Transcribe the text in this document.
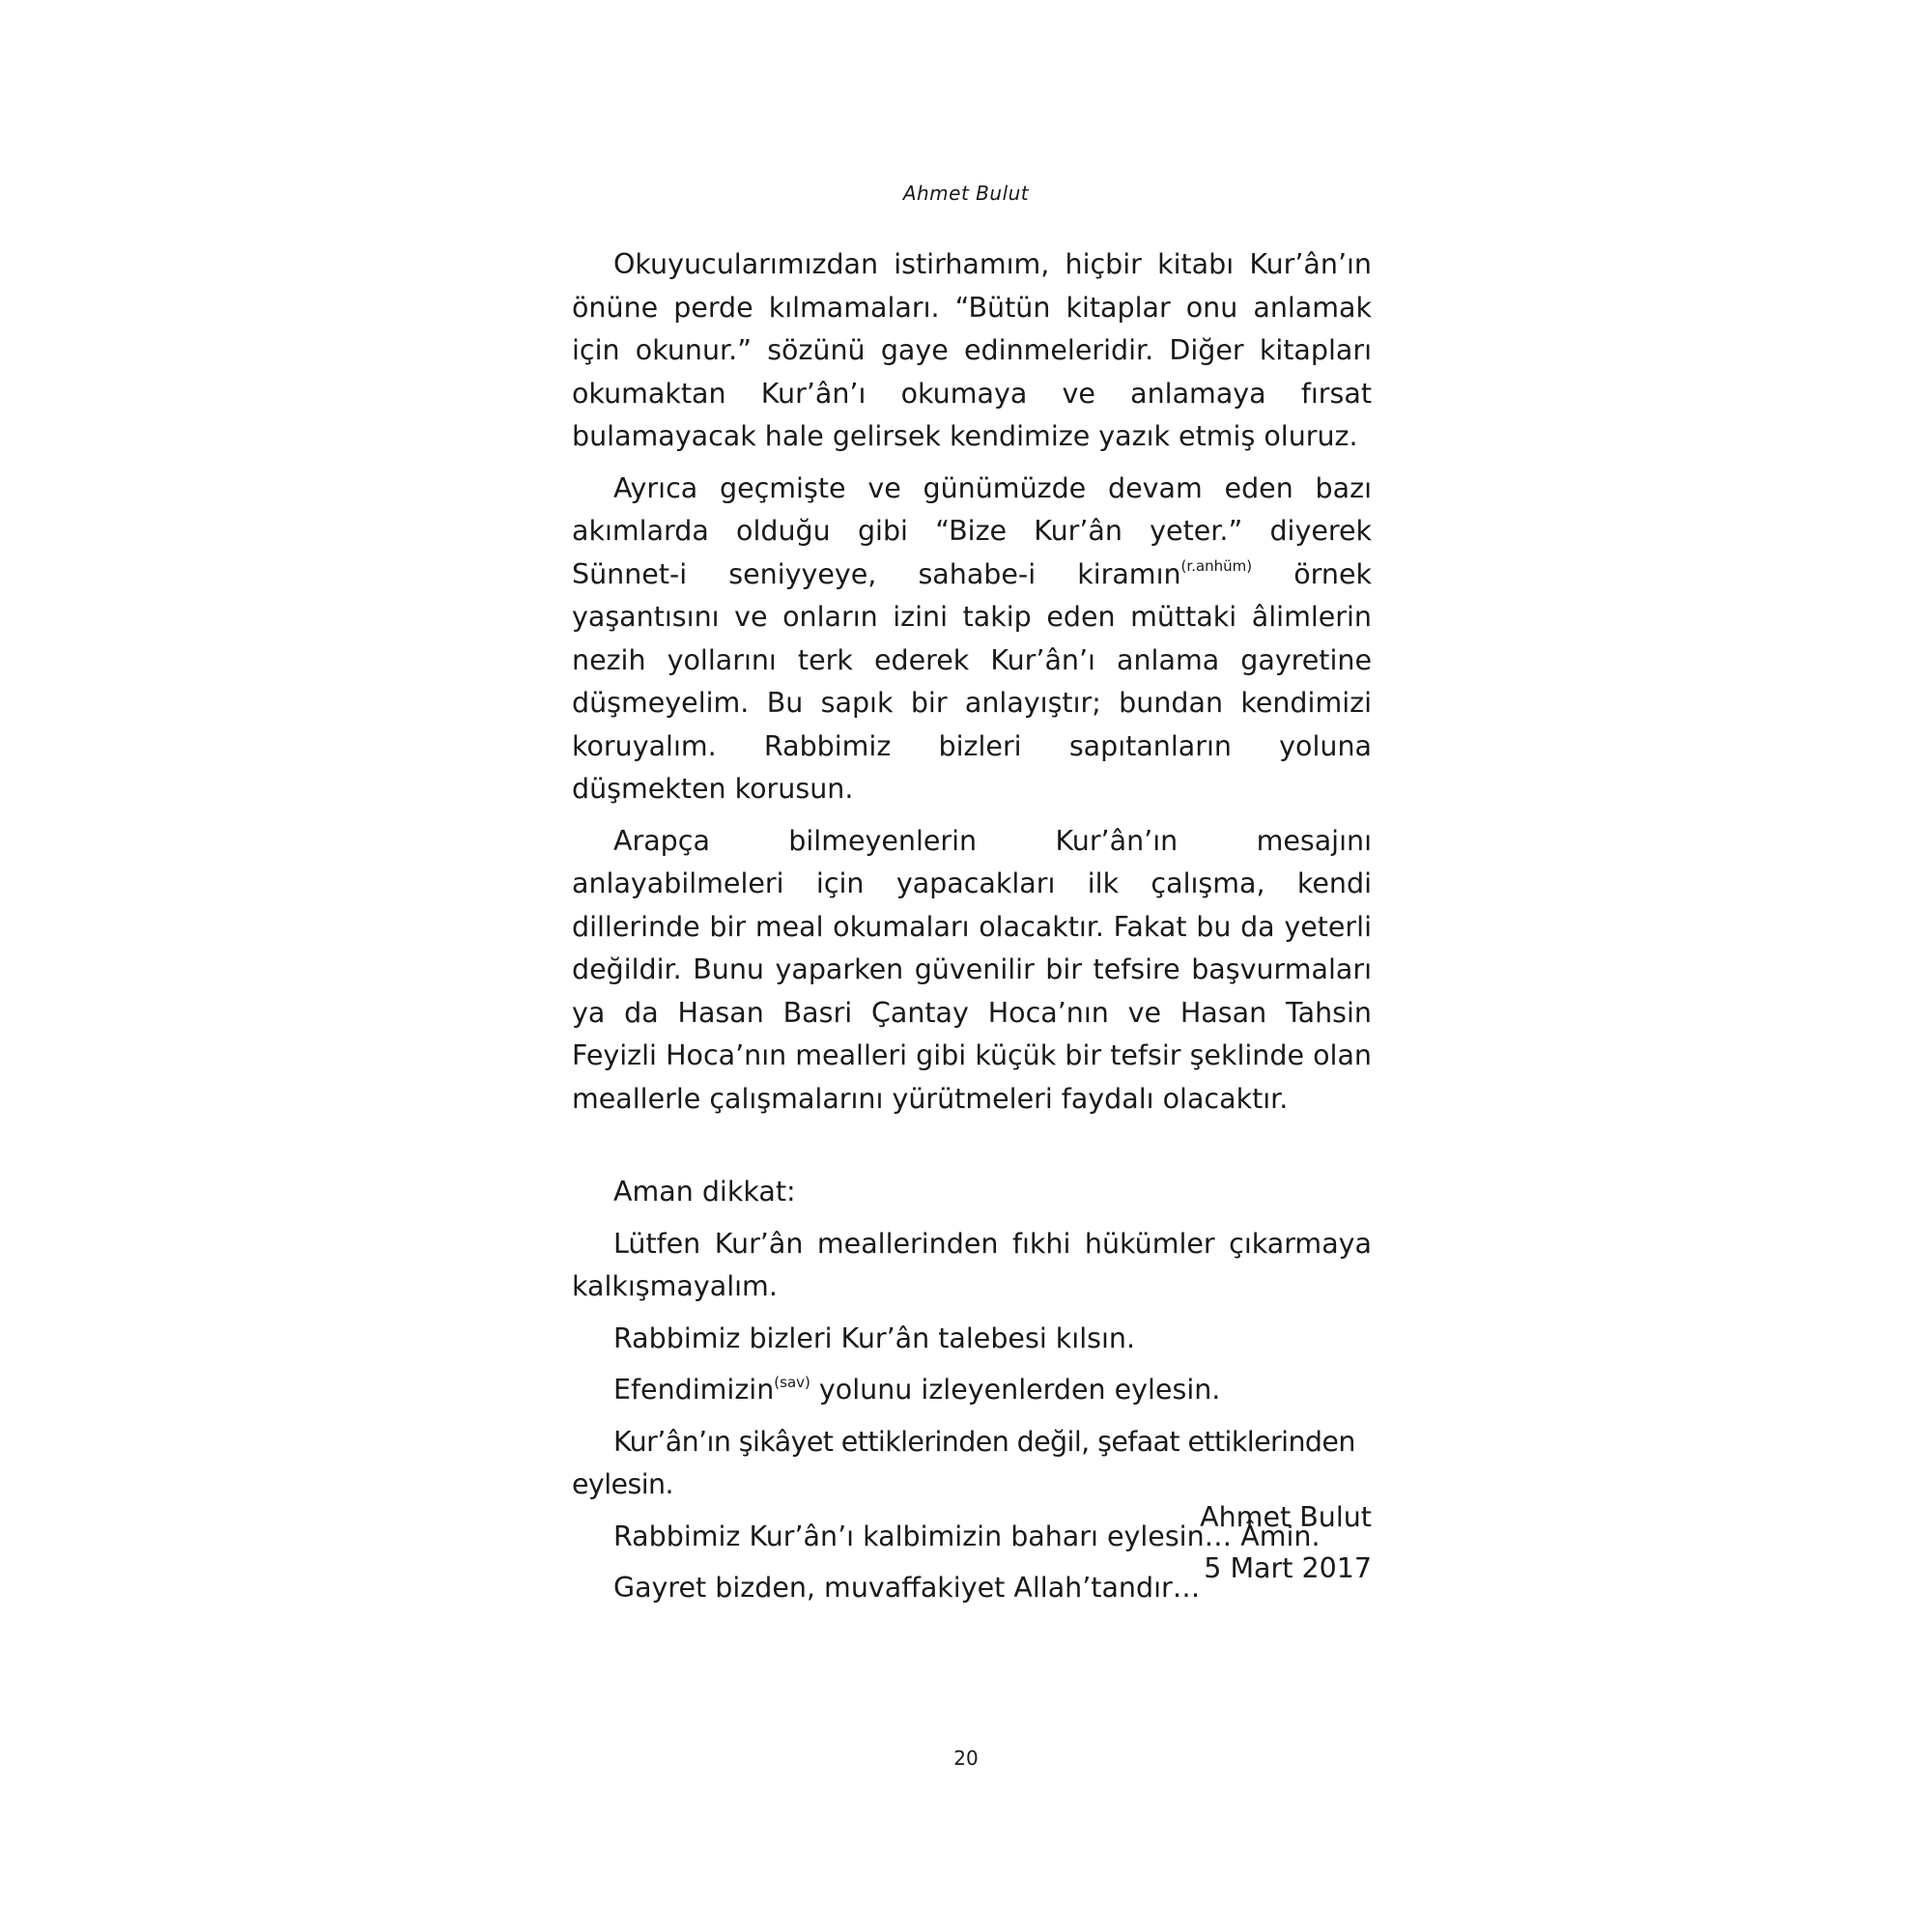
Ahmet Bulut

Okuyucularımızdan istirhamım, hiçbir kitabı Kur’ân’ın önüne perde kılmamaları. “Bütün kitaplar onu anlamak için okunur.” sözünü gaye edinmeleridir. Diğer kitapları okumaktan Kur’ân’ı okumaya ve anlamaya fırsat bulamayacak hale gelirsek kendimize yazık etmiş oluruz.

Ayrıca geçmişte ve günümüzde devam eden bazı akımlarda olduğu gibi “Bize Kur’ân yeter.” diyerek Sünnet-i seniyyeye, sahabe-i kiramın$^{(r.anhüm)}$ örnek yaşantısını ve onların izini takip eden müttaki âlimlerin nezih yollarını terk ederek Kur’ân’ı anlama gayretine düşmeyelim. Bu sapık bir anlayıştır; bundan kendimizi koruyalım. Rabbimiz bizleri sapıtanların yoluna düşmekten korusun.

Arapça bilmeyenlerin Kur’ân’ın mesajını anlayabilmeleri için yapacakları ilk çalışma, kendi dillerinde bir meal okumaları olacaktır. Fakat bu da yeterli değildir. Bunu yaparken güvenilir bir tefsire başvurmaları ya da Hasan Basri Çantay Hoca’nın ve Hasan Tahsin Feyizli Hoca’nın mealleri gibi küçük bir tefsir şeklinde olan meallerle çalışmalarını yürütmeleri faydalı olacaktır.

Aman dikkat:

Lütfen Kur’ân meallerinden fıkhi hükümler çıkarmaya kalkışmayalım.

Rabbimiz bizleri Kur’ân talebesi kılsın.

Efendimizin$^{(sav)}$ yolunu izleyenlerden eylesin.

Kur’ân’ın şikâyet ettiklerinden değil, şefaat ettiklerinden eylesin.

Rabbimiz Kur’ân’ı kalbimizin baharı eylesin… Âmin.

Gayret bizden, muvaffakiyet Allah’tandır…

Ahmet Bulut
5 Mart 2017
20
